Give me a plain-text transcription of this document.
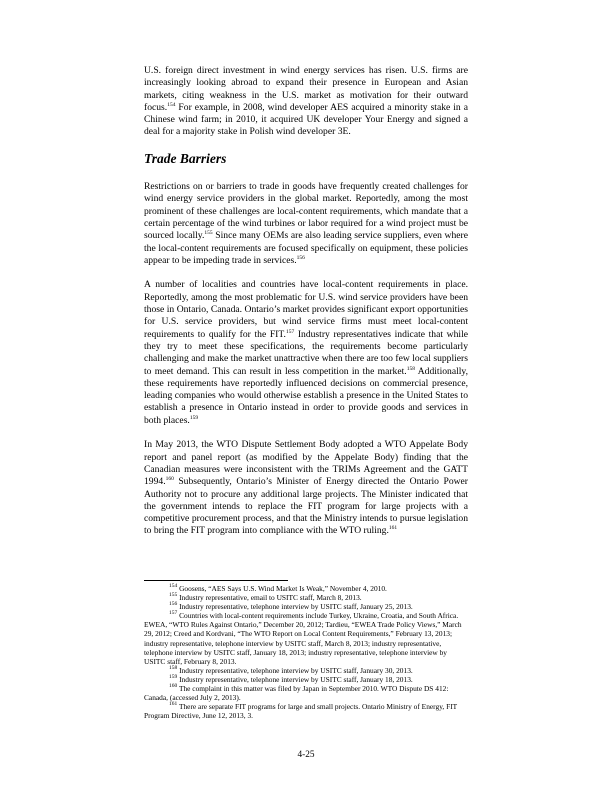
U.S. foreign direct investment in wind energy services has risen. U.S. firms are increasingly looking abroad to expand their presence in European and Asian markets, citing weakness in the U.S. market as motivation for their outward focus.$^{154}$ For example, in 2008, wind developer AES acquired a minority stake in a Chinese wind farm; in 2010, it acquired UK developer Your Energy and signed a deal for a majority stake in Polish wind developer 3E.

Trade Barriers

Restrictions on or barriers to trade in goods have frequently created challenges for wind energy service providers in the global market. Reportedly, among the most prominent of these challenges are local-content requirements, which mandate that a certain percentage of the wind turbines or labor required for a wind project must be sourced locally.$^{155}$ Since many OEMs are also leading service suppliers, even where the local-content requirements are focused specifically on equipment, these policies appear to be impeding trade in services.$^{156}$

A number of localities and countries have local-content requirements in place. Reportedly, among the most problematic for U.S. wind service providers have been those in Ontario, Canada. Ontario’s market provides significant export opportunities for U.S. service providers, but wind service firms must meet local-content requirements to qualify for the FIT.$^{157}$ Industry representatives indicate that while they try to meet these specifications, the requirements become particularly challenging and make the market unattractive when there are too few local suppliers to meet demand. This can result in less competition in the market.$^{158}$ Additionally, these requirements have reportedly influenced decisions on commercial presence, leading companies who would otherwise establish a presence in the United States to establish a presence in Ontario instead in order to provide goods and services in both places.$^{159}$

In May 2013, the WTO Dispute Settlement Body adopted a WTO Appelate Body report and panel report (as modified by the Appelate Body) finding that the Canadian measures were inconsistent with the TRIMs Agreement and the GATT 1994.$^{160}$ Subsequently, Ontario’s Minister of Energy directed the Ontario Power Authority not to procure any additional large projects. The Minister indicated that the government intends to replace the FIT program for large projects with a competitive procurement process, and that the Ministry intends to pursue legislation to bring the FIT program into compliance with the WTO ruling.$^{161}$

$^{154}$ Goosens, “AES Says U.S. Wind Market Is Weak,” November 4, 2010.

$^{155}$ Industry representative, email to USITC staff, March 8, 2013.

$^{156}$ Industry representative, telephone interview by USITC staff, January 25, 2013.

$^{157}$ Countries with local-content requirements include Turkey, Ukraine, Croatia, and South Africa. EWEA, “WTO Rules Against Ontario,” December 20, 2012; Tardieu, “EWEA Trade Policy Views,” March 29, 2012; Creed and Kordvani, “The WTO Report on Local Content Requirements,” February 13, 2013; industry representative, telephone interview by USITC staff, March 8, 2013; industry representative, telephone interview by USITC staff, January 18, 2013; industry representative, telephone interview by USITC staff, February 8, 2013.

$^{158}$ Industry representative, telephone interview by USITC staff, January 30, 2013.

$^{159}$ Industry representative, telephone interview by USITC staff, January 18, 2013.

$^{160}$ The complaint in this matter was filed by Japan in September 2010. WTO Dispute DS 412: Canada, (accessed July 2, 2013).

$^{161}$ There are separate FIT programs for large and small projects. Ontario Ministry of Energy, FIT Program Directive, June 12, 2013, 3.

4-25
